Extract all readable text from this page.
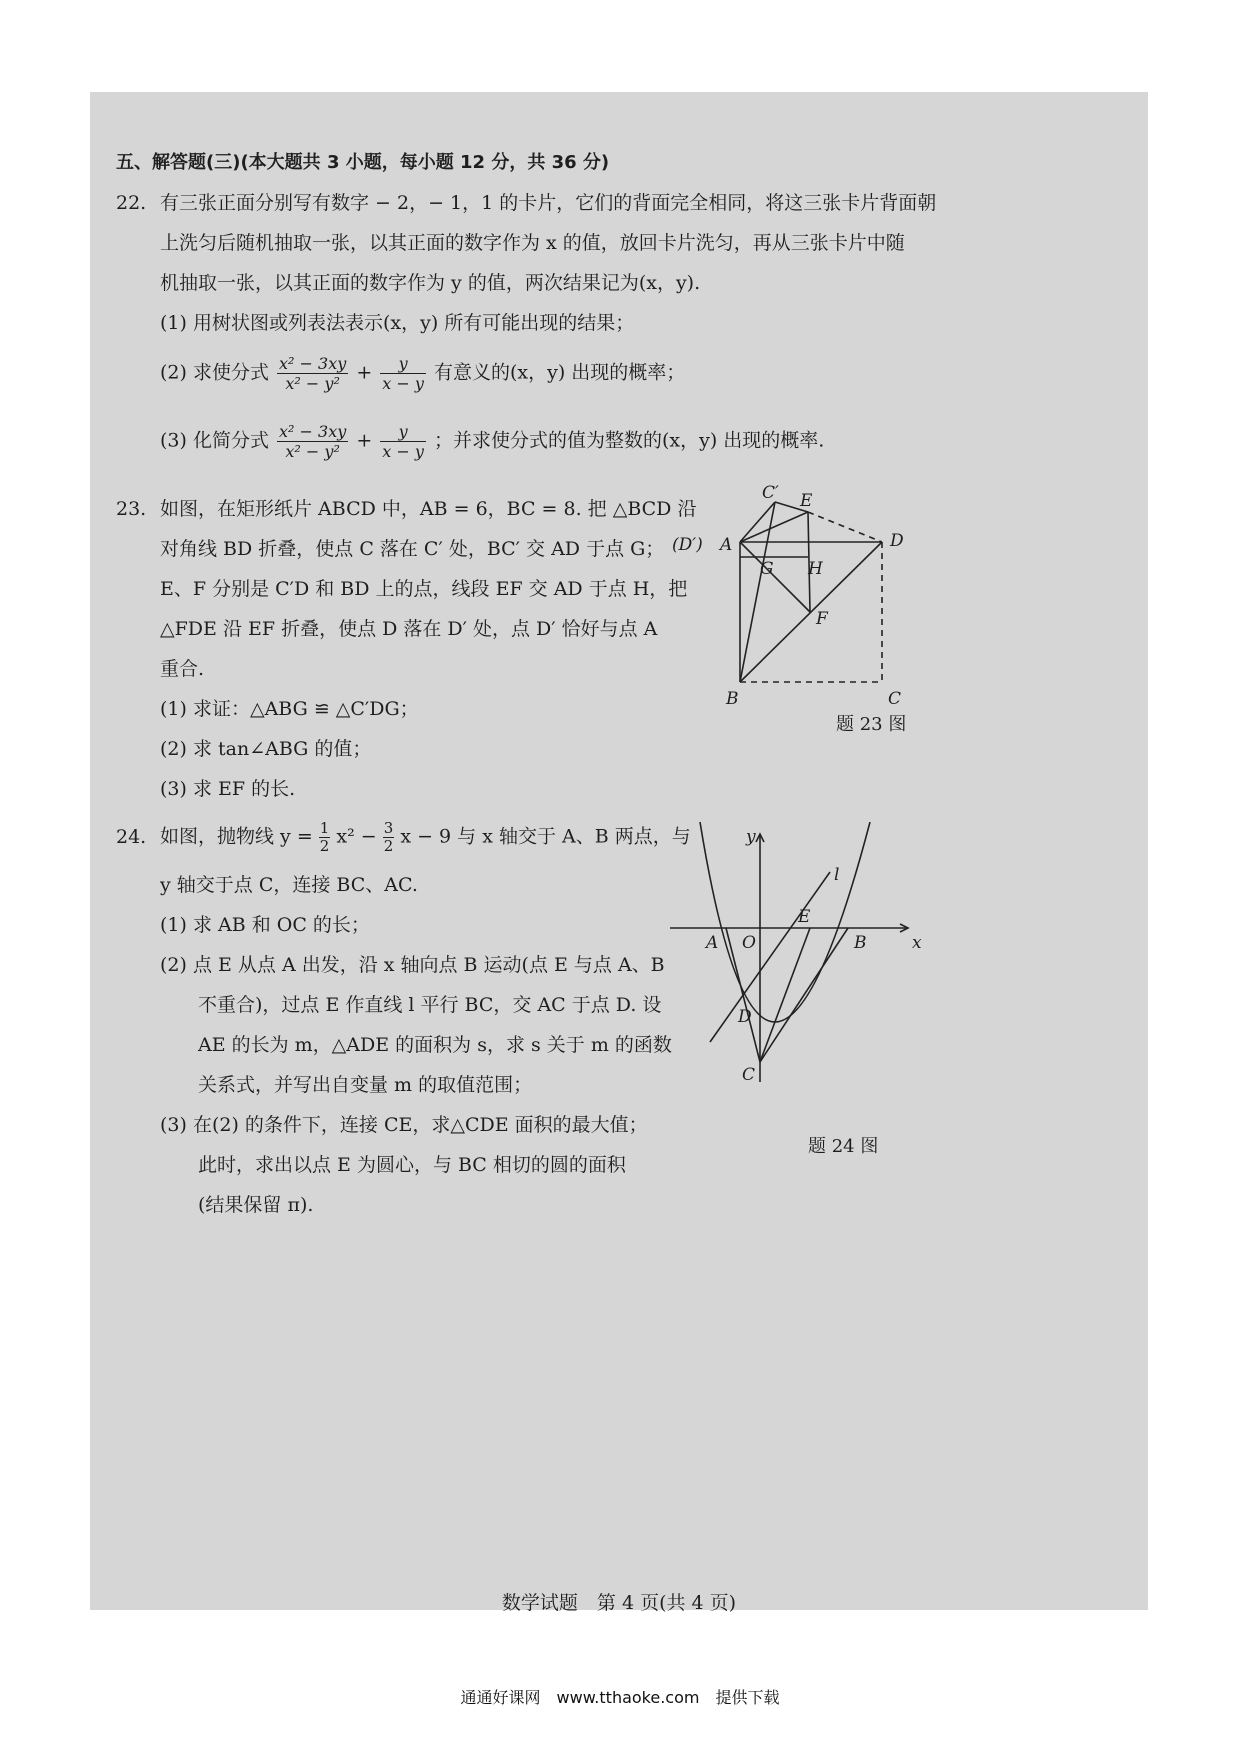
五、解答题(三)(本大题共 3 小题，每小题 12 分，共 36 分)
22. 有三张正面分别写有数字 − 2，− 1，1 的卡片，它们的背面完全相同，将这三张卡片背面朝
上洗匀后随机抽取一张，以其正面的数字作为 x 的值，放回卡片洗匀，再从三张卡片中随
机抽取一张，以其正面的数字作为 y 的值，两次结果记为(x，y).
(1) 用树状图或列表法表示(x，y) 所有可能出现的结果；
(2) 求使分式 $\frac{\text{x² − 3xy}}{\text{x² − y²}} + \frac{y}{x - y}$ 有意义的(x，y) 出现的概率；
(3) 化简分式 $\frac{\text{x² − 3xy}}{\text{x² − y²}} + \frac{y}{x - y}$ ；并求使分式的值为整数的(x，y) 出现的概率.
23. 如图，在矩形纸片 ABCD 中，AB = 6，BC = 8. 把 △BCD 沿
对角线 BD 折叠，使点 C 落在 C′ 处，BC′ 交 AD 于点 G；
E、F 分别是 C′D 和 BD 上的点，线段 EF 交 AD 于点 H，把
△FDE 沿 EF 折叠，使点 D 落在 D′ 处，点 D′ 恰好与点 A
重合.
(1) 求证：△ABG ≌ △C′DG；
(2) 求 tan∠ABG 的值；
(3) 求 EF 的长.
(D′) A
C′ E
G H
D
F
B	C
题 23 图
24. 如图，抛物线 $y = \frac{1}{2} x^2 - \frac{3}{2}$ x − 9 与 x 轴交于 A、B 两点，与
y 轴交于点 C，连接 BC、AC.
(1) 求 AB 和 OC 的长；
(2) 点 E 从点 A 出发，沿 x 轴向点 B 运动(点 E 与点 A、B
不重合)，过点 E 作直线 l 平行 BC，交 AC 于点 D. 设
AE 的长为 m，△ADE 的面积为 s，求 s 关于 m 的函数
关系式，并写出自变量 m 的取值范围；
(3) 在(2) 的条件下，连接 CE，求△CDE 面积的最大值；
此时，求出以点 E 为圆心，与 BC 相切的圆的面积
(结果保留 π).
y
l
E
A O	B	x
D
C
题 24 图
数学试题　第 4 页(共 4 页)
通通好课网　www.tthaoke.com　提供下载
